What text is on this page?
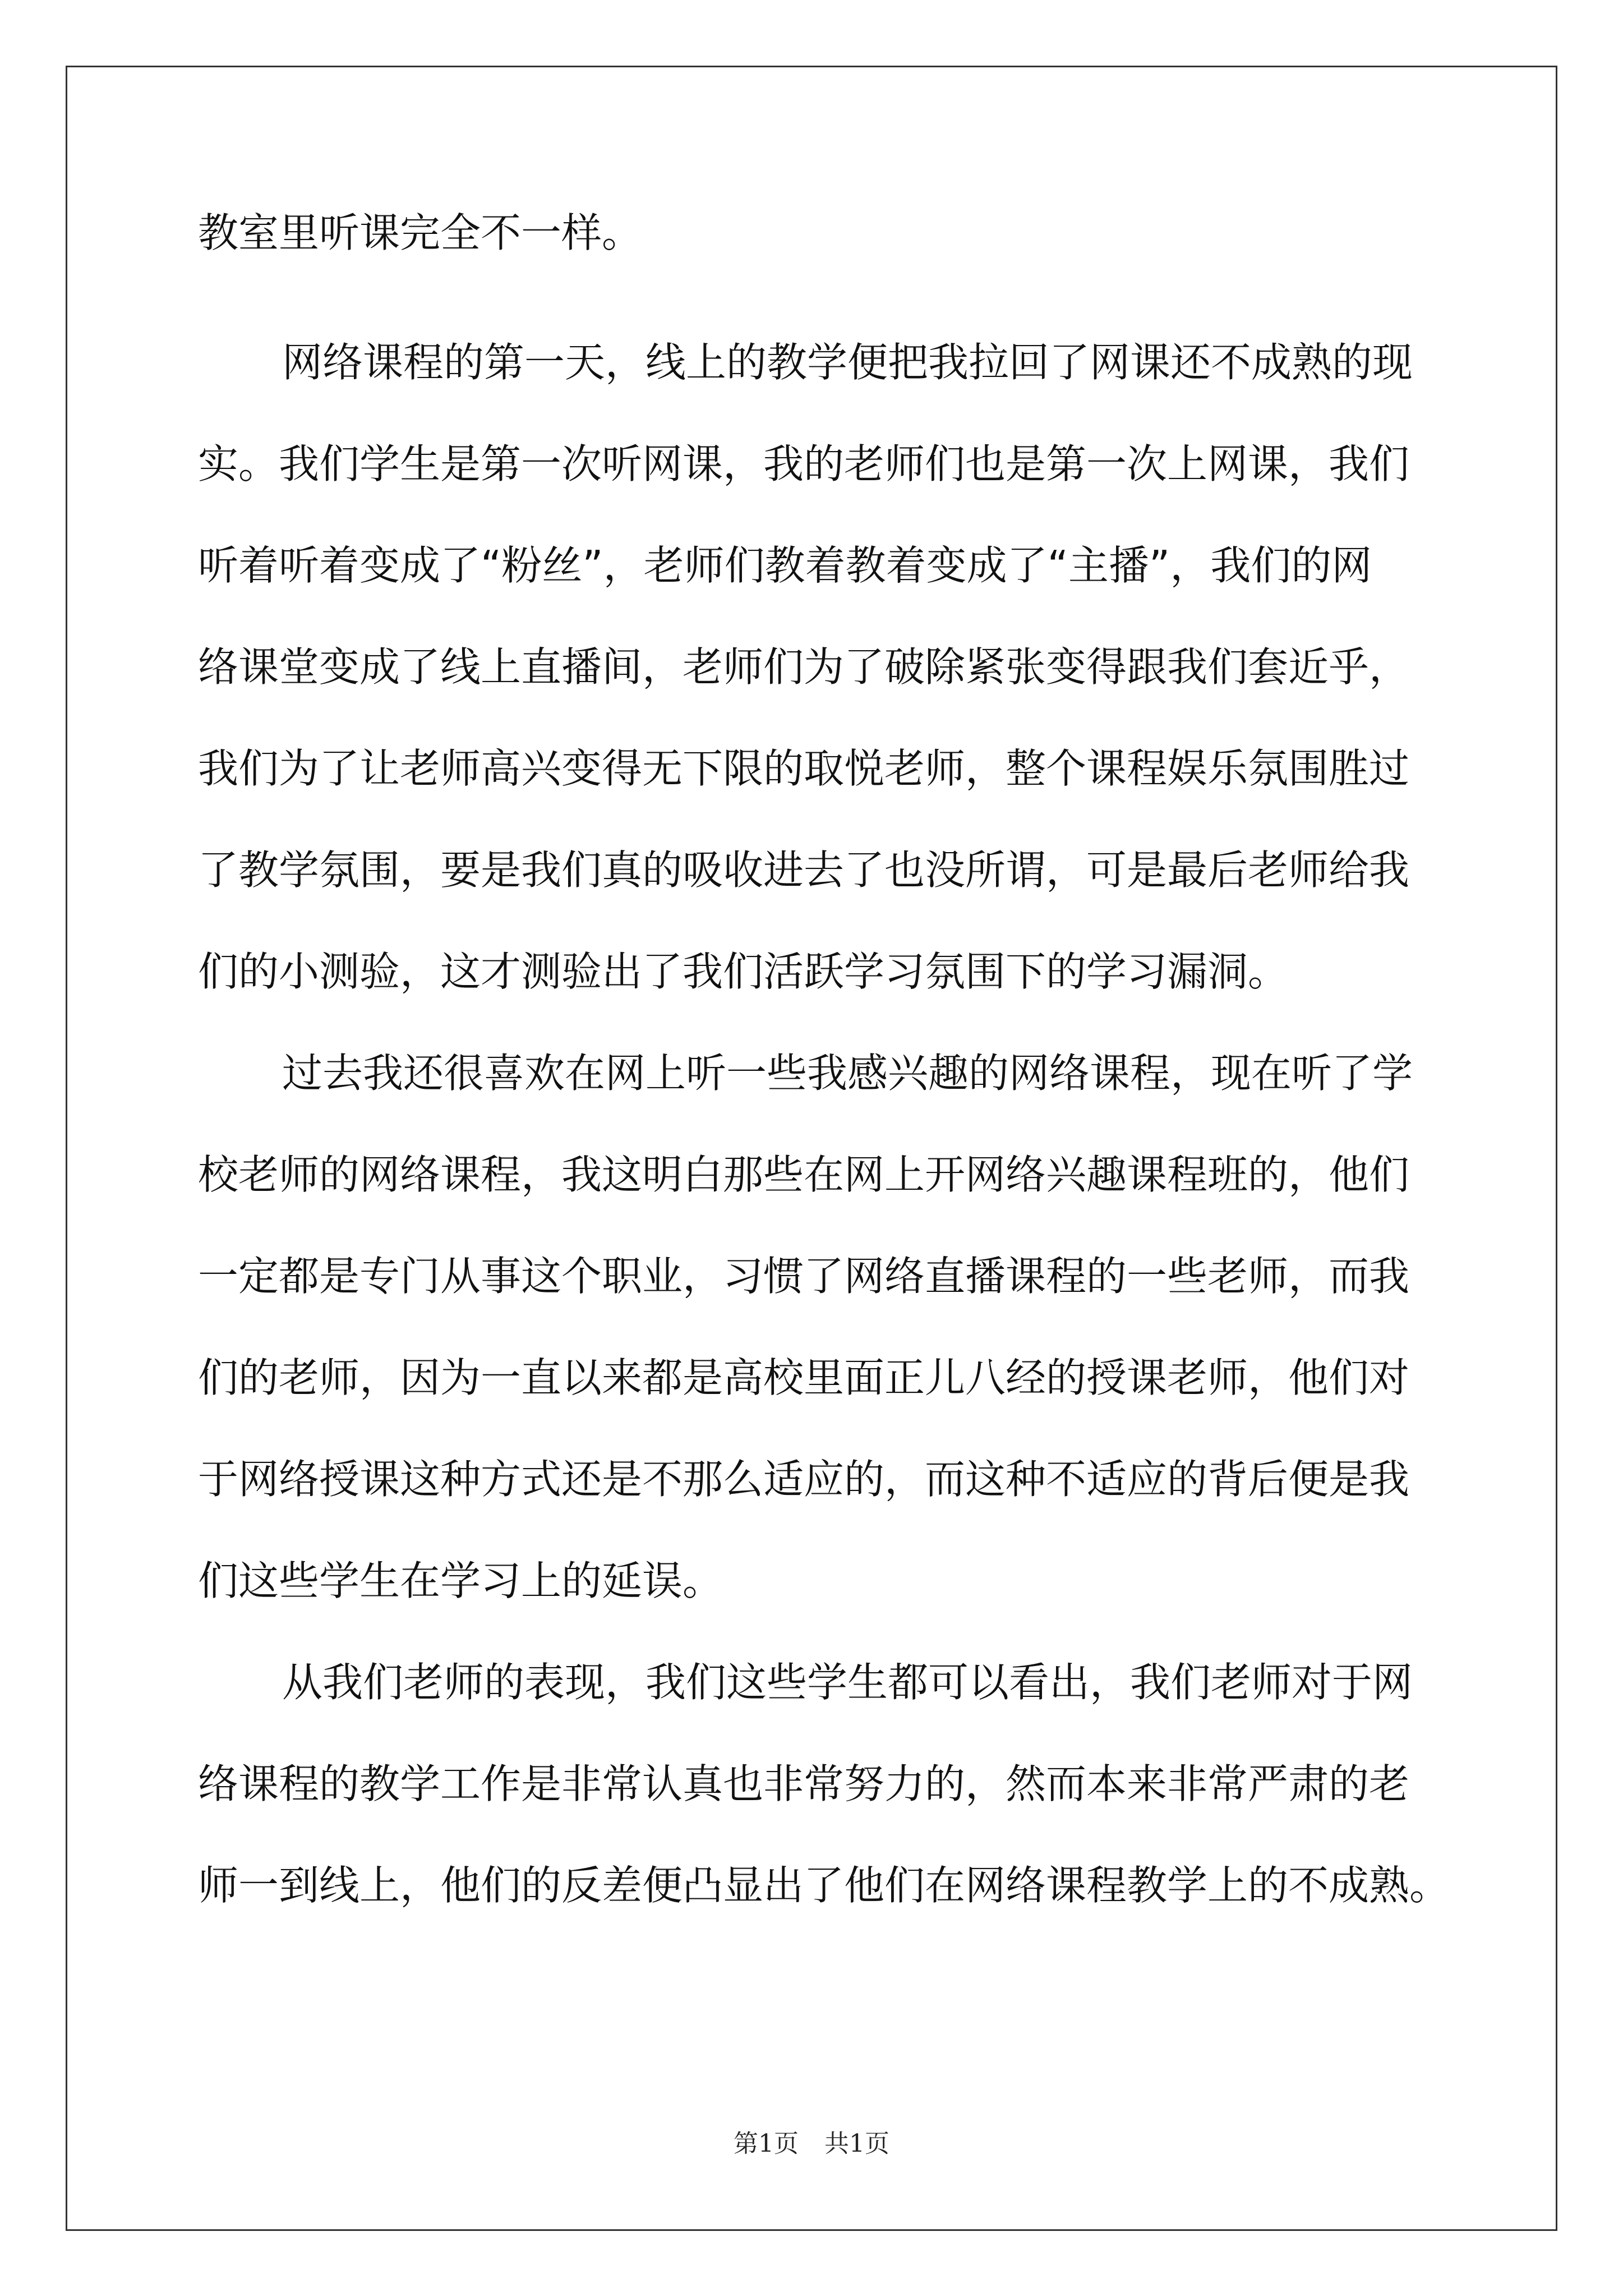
教室里听课完全不一样。
网络课程的第一天，线上的教学便把我拉回了网课还不成熟的现
实。我们学生是第一次听网课，我的老师们也是第一次上网课，我们
听着听着变成了“粉丝”，老师们教着教着变成了“主播”，我们的网
络课堂变成了线上直播间，老师们为了破除紧张变得跟我们套近乎，
我们为了让老师高兴变得无下限的取悦老师，整个课程娱乐氛围胜过
了教学氛围，要是我们真的吸收进去了也没所谓，可是最后老师给我
们的小测验，这才测验出了我们活跃学习氛围下的学习漏洞。
过去我还很喜欢在网上听一些我感兴趣的网络课程，现在听了学
校老师的网络课程，我这明白那些在网上开网络兴趣课程班的，他们
一定都是专门从事这个职业，习惯了网络直播课程的一些老师，而我
们的老师，因为一直以来都是高校里面正儿八经的授课老师，他们对
于网络授课这种方式还是不那么适应的，而这种不适应的背后便是我
们这些学生在学习上的延误。
从我们老师的表现，我们这些学生都可以看出，我们老师对于网
络课程的教学工作是非常认真也非常努力的，然而本来非常严肃的老
师一到线上，他们的反差便凸显出了他们在网络课程教学上的不成熟。
第1页 共1页
